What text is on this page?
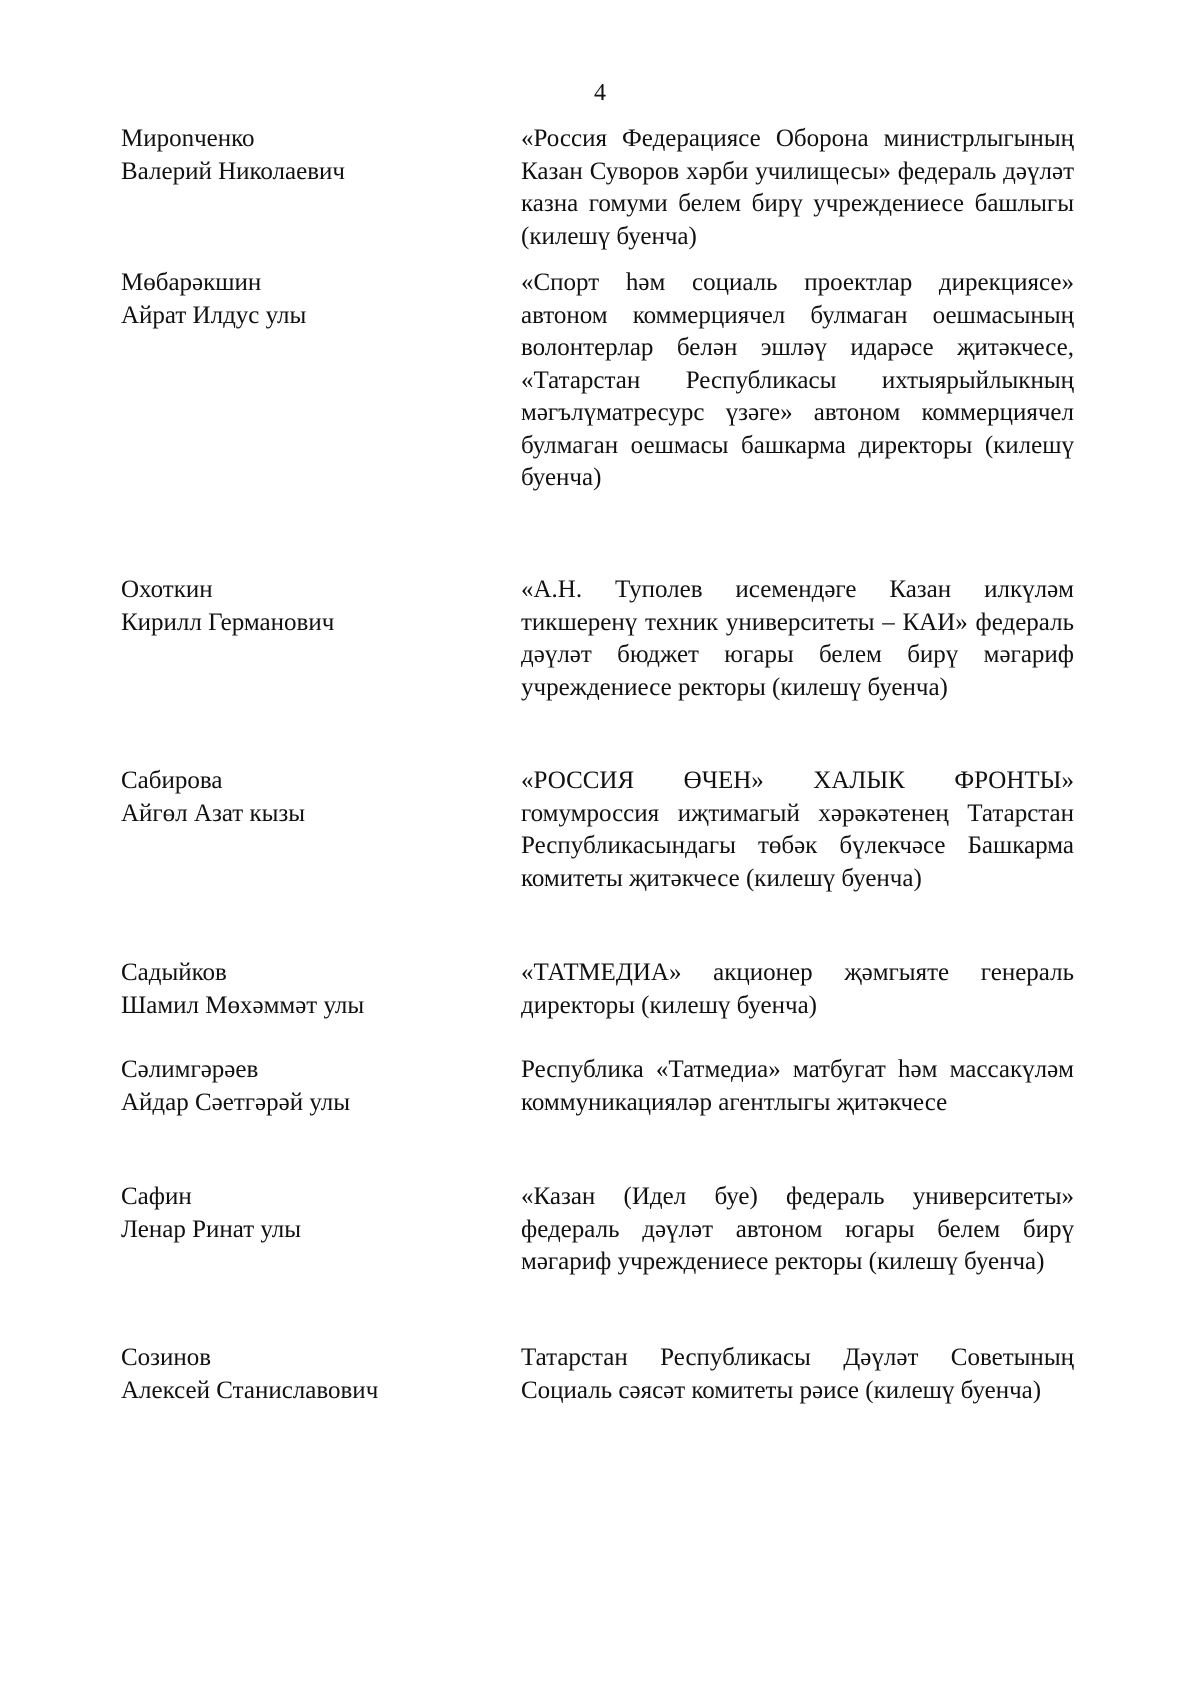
4
Мирonченко
Валерий Николаевич
«Россия Федерациясе Оборона министрлыгының Казан Суворов хәрби училищесы» федераль дәүләт казна гомуми белем бирү учреждениесе башлыгы (килешү буенча)
Мөбарәкшин
Айрат Илдус улы
«Спорт һәм социаль проектлар дирекциясе» автоном коммерциячел булмаган оешмасының волонтерлар белән эшләү идарәсе җитәкчесе, «Татарстан Республикасы ихтыярыйлыкның мәгълүматресурс үзәге» автоном коммерциячел булмаган оешмасы башкарма директоры (килешү буенча)
Охоткин
Кирилл Германович
«А.Н. Туполев исемендәге Казан илкүләм тикшеренү техник университеты – КАИ» федераль дәүләт бюджет югары белем бирү мәгариф учреждениесе ректоры (килешү буенча)
Сабирова
Айгөл Азат кызы
«РОССИЯ ӨЧЕН» ХАЛЫК ФРОНТЫ» гомумроссия иҗтимагый хәрәкәтенең Татарстан Республикасындагы төбәк бүлекчәсе Башкарма комитеты җитәкчесе (килешү буенча)
Садыйков
Шамил Мөхәммәт улы
«ТАТМЕДИА» акционер җәмгыяте генераль директоры (килешү буенча)
Сәлимгәрәев
Айдар Сәетгәрәй улы
Республика «Татмедиа» матбугат һәм массакүләм коммуникацияләр агентлыгы җитәкчесе
Сафин
Ленар Ринат улы
«Казан (Идел буе) федераль университеты» федераль дәүләт автоном югары белем бирү мәгариф учреждениесе ректоры (килешү буенча)
Созинов
Алексей Станиславович
Татарстан Республикасы Дәүләт Советының Социаль сәясәт комитеты рәисе (килешү буенча)
